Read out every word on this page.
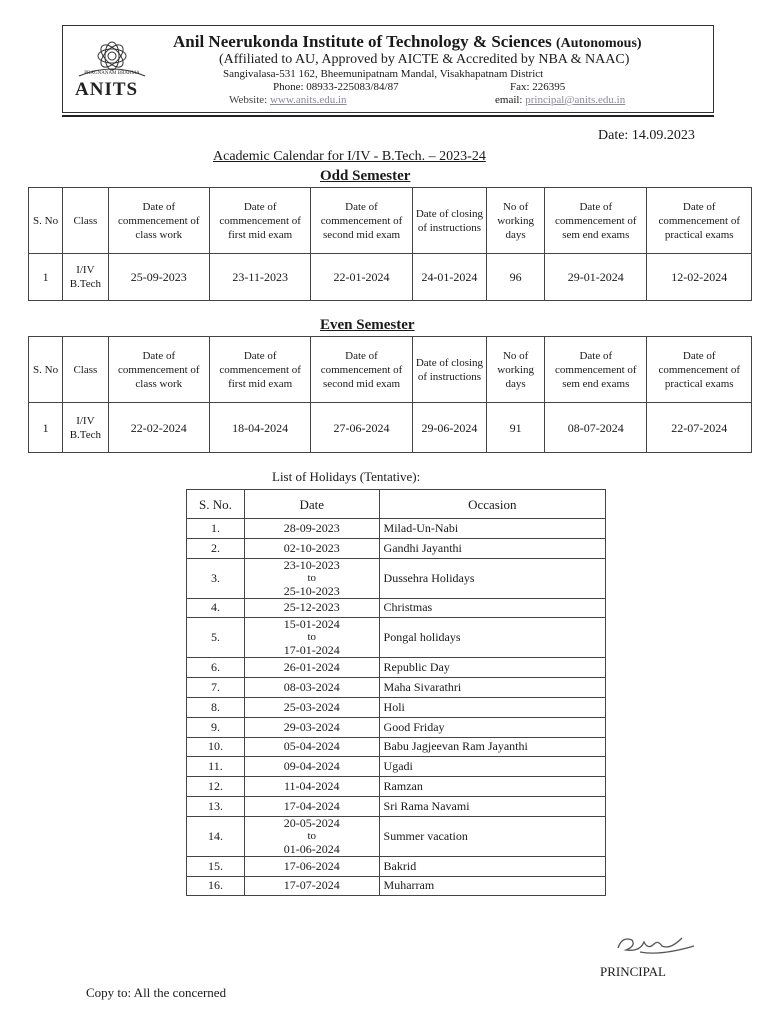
PRAGNANAM BRAHMA
ANITS
Anil Neerukonda Institute of Technology & Sciences (Autonomous)
(Affiliated to AU, Approved by AICTE & Accredited by NBA & NAAC)
Sangivalasa-531 162, Bheemunipatnam Mandal, Visakhapatnam District
Phone: 08933-225083/84/87	Fax: 226395
Website: www.anits.edu.in	email: principal@anits.edu.in
Date: 14.09.2023
Academic Calendar for I/IV - B.Tech. – 2023-24
Odd Semester
S. No	Class	Date of commencement of class work	Date of commencement of first mid exam	Date of commencement of second mid exam	Date of closing of instructions	No of working days	Date of commencement of sem end exams	Date of commencement of practical exams
1	I/IV B.Tech	25-09-2023	23-11-2023	22-01-2024	24-01-2024	96	29-01-2024	12-02-2024
Even Semester
S. No	Class	Date of commencement of class work	Date of commencement of first mid exam	Date of commencement of second mid exam	Date of closing of instructions	No of working days	Date of commencement of sem end exams	Date of commencement of practical exams
1	I/IV B.Tech	22-02-2024	18-04-2024	27-06-2024	29-06-2024	91	08-07-2024	22-07-2024
List of Holidays (Tentative):
S. No.	Date	Occasion
1.	28-09-2023	Milad-Un-Nabi
2.	02-10-2023	Gandhi Jayanthi
3.	23-10-2023
to
25-10-2023	Dussehra Holidays
4.	25-12-2023	Christmas
5.	15-01-2024
to
17-01-2024	Pongal holidays
6.	26-01-2024	Republic Day
7.	08-03-2024	Maha Sivarathri
8.	25-03-2024	Holi
9.	29-03-2024	Good Friday
10.	05-04-2024	Babu Jagjeevan Ram Jayanthi
11.	09-04-2024	Ugadi
12.	11-04-2024	Ramzan
13.	17-04-2024	Sri Rama Navami
14.	20-05-2024
to
01-06-2024	Summer vacation
15.	17-06-2024	Bakrid
16.	17-07-2024	Muharram
PRINCIPAL
Copy to: All the concerned
